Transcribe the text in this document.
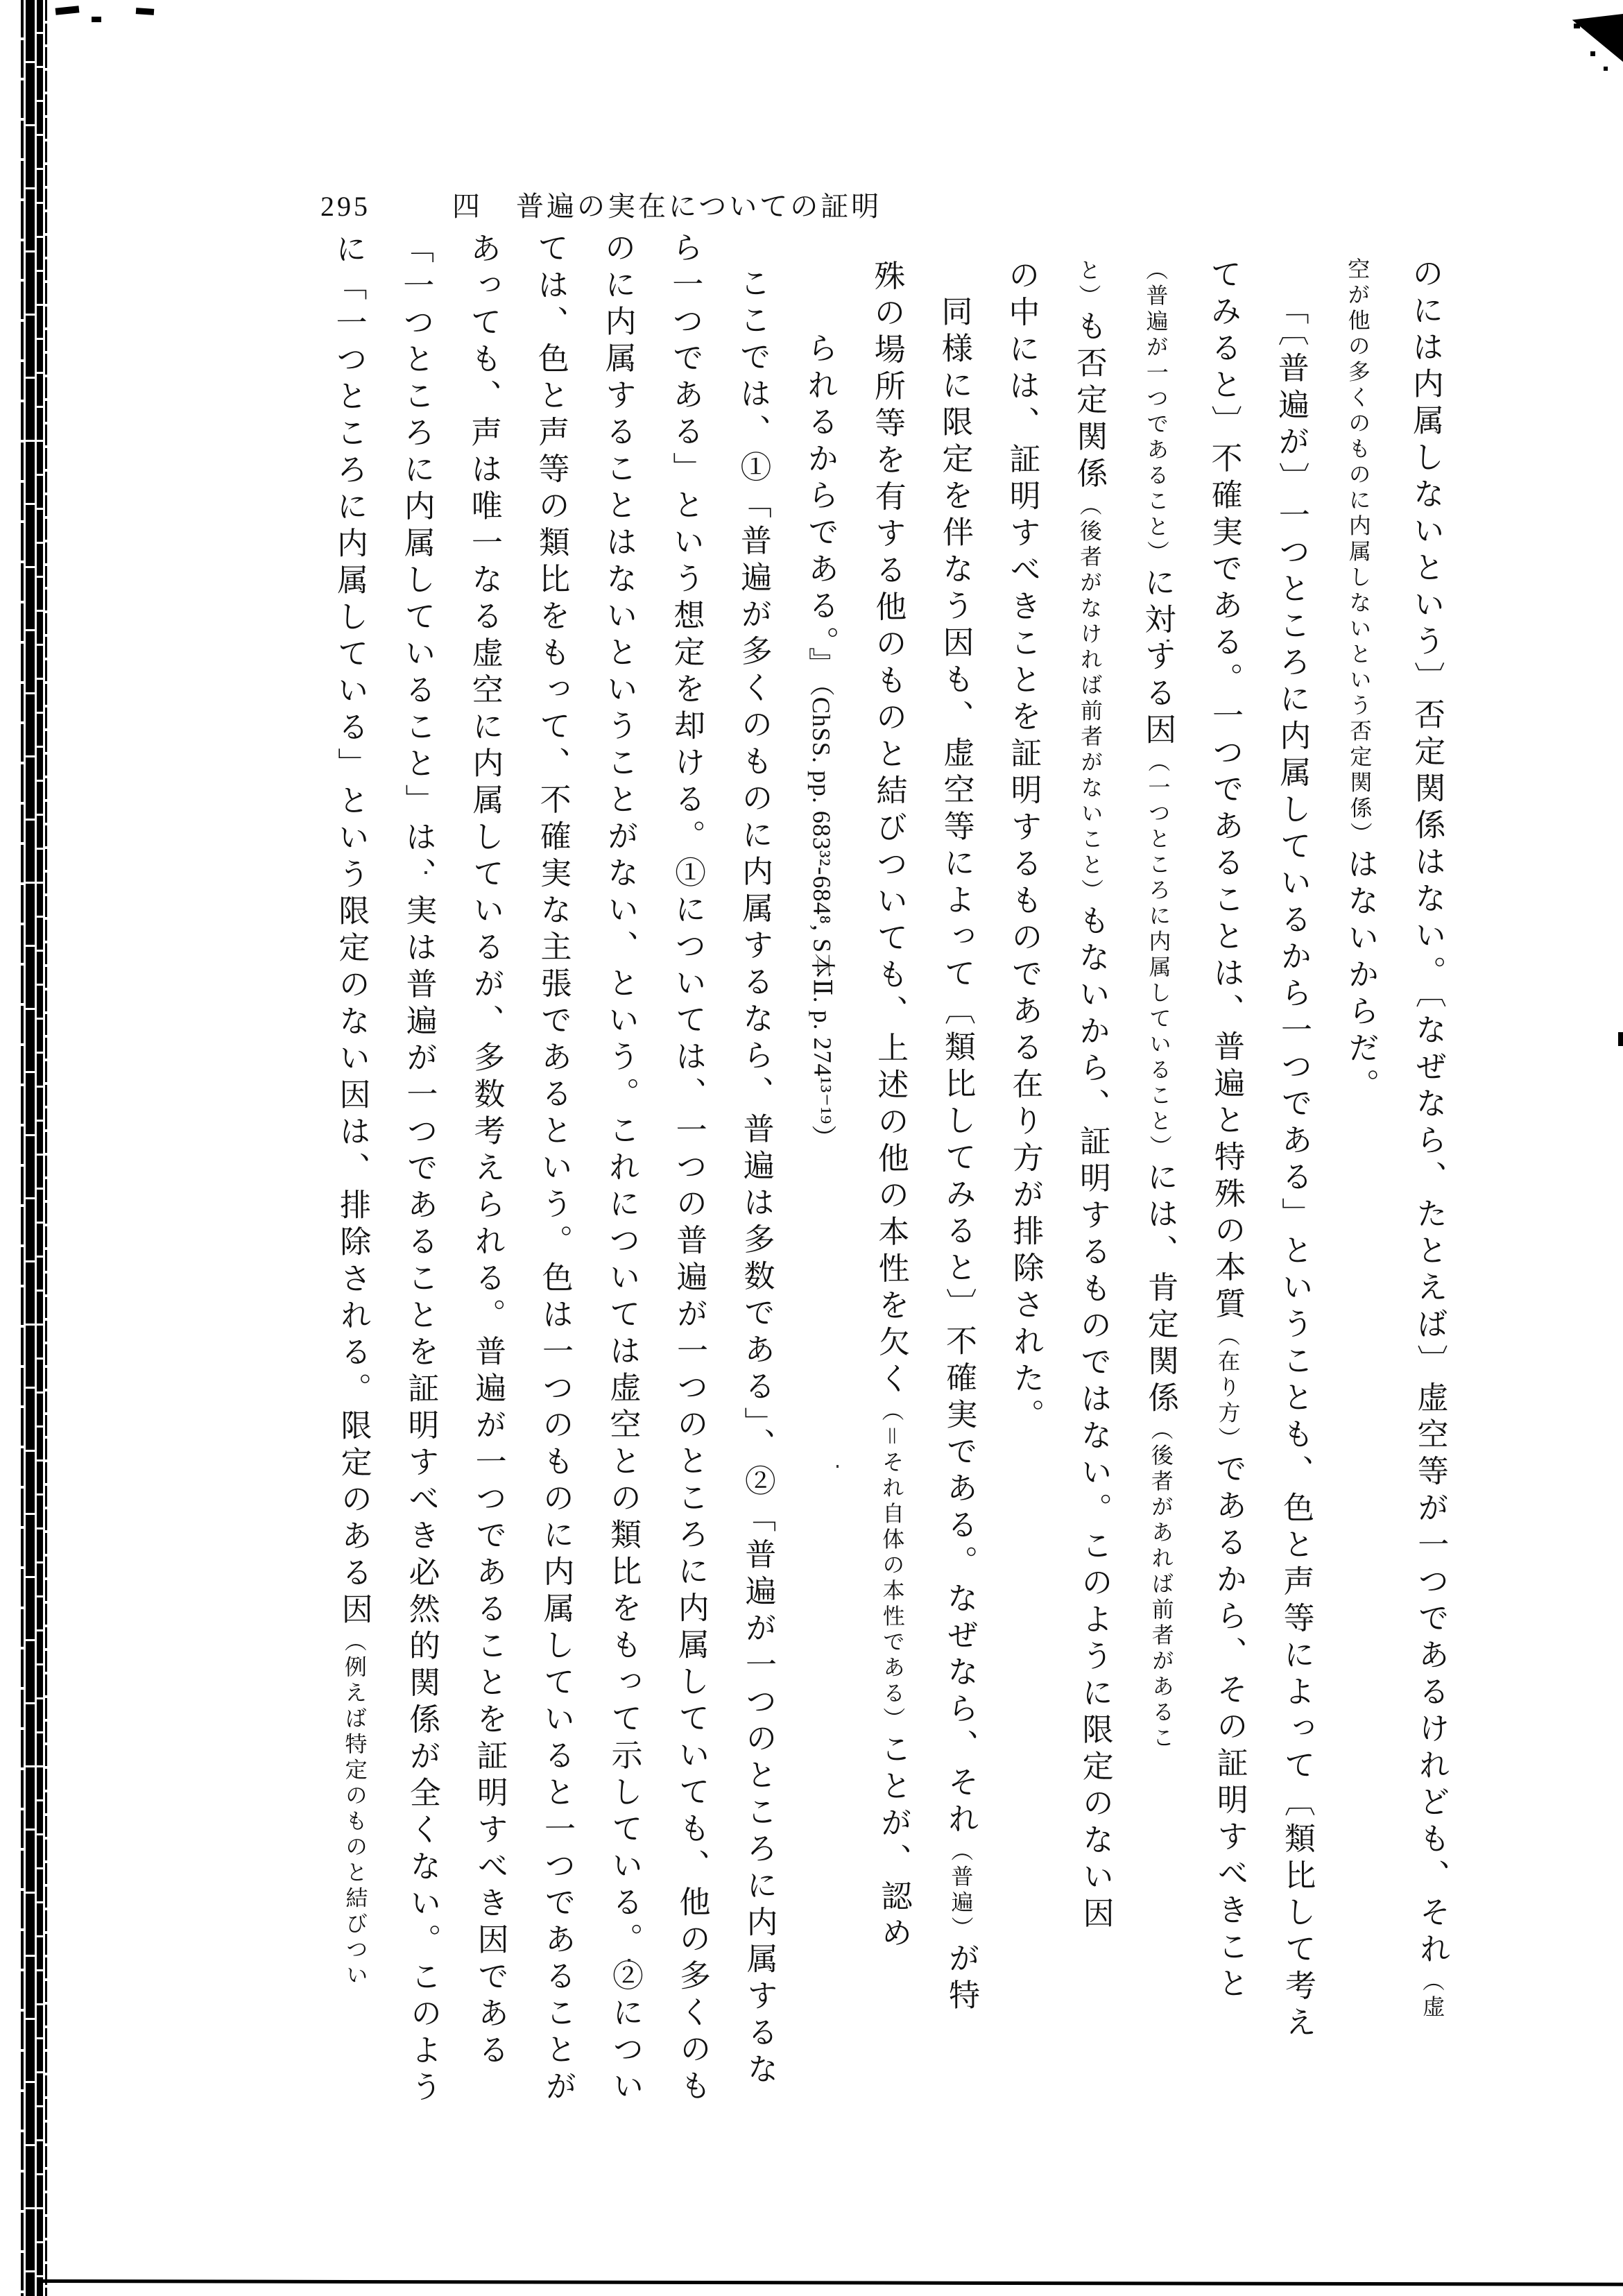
295	四 普遍の実在についての証明
のには内属しないという〕否定関係はない。〔なぜなら、たとえば〕虚空等が一つであるけれども、それ（虚
空が他の多くのものに内属しないという否定関係）はないからだ。
「〔普遍が〕一つところに内属しているから一つである」ということも、色と声等によって〔類比して考え
てみると〕不確実である。一つであることは、普遍と特殊の本質（在り方）であるから、その証明すべきこと
（普遍が一つであること）に対する因（一つところに内属していること）には、肯定関係（後者があれば前者があるこ
と）も否定関係（後者がなければ前者がないこと）もないから、証明するものではない。このように限定のない因
の中には、証明すべきことを証明するものである在り方が排除された。
同様に限定を伴なう因も、虚空等によって〔類比してみると〕不確実である。なぜなら、それ（普遍）が特
殊の場所等を有する他のものと結びついても、上述の他の本性を欠く（＝それ自体の本性である）ことが、認め
られるからである。』（ChSS. pp. 683³²-684⁸, S本Ⅱ. p. 274¹³⁻¹⁹）
ここでは、①「普遍が多くのものに内属するなら、普遍は多数である」、②「普遍が一つのところに内属するな
ら一つである」という想定を却ける。①については、一つの普遍が一つのところに内属していても、他の多くのも
のに内属することはないということがない、という。これについては虚空との類比をもって示している。②につい
ては、色と声等の類比をもって、不確実な主張であるという。色は一つのものに内属していると一つであることが
あっても、声は唯一なる虚空に内属しているが、多数考えられる。普遍が一つであることを証明すべき因である
「一つところに内属していること」は、実は普遍が一つであることを証明すべき必然的関係が全くない。このよう
に「一つところに内属している」という限定のない因は、排除される。限定のある因（例えば特定のものと結びつい
